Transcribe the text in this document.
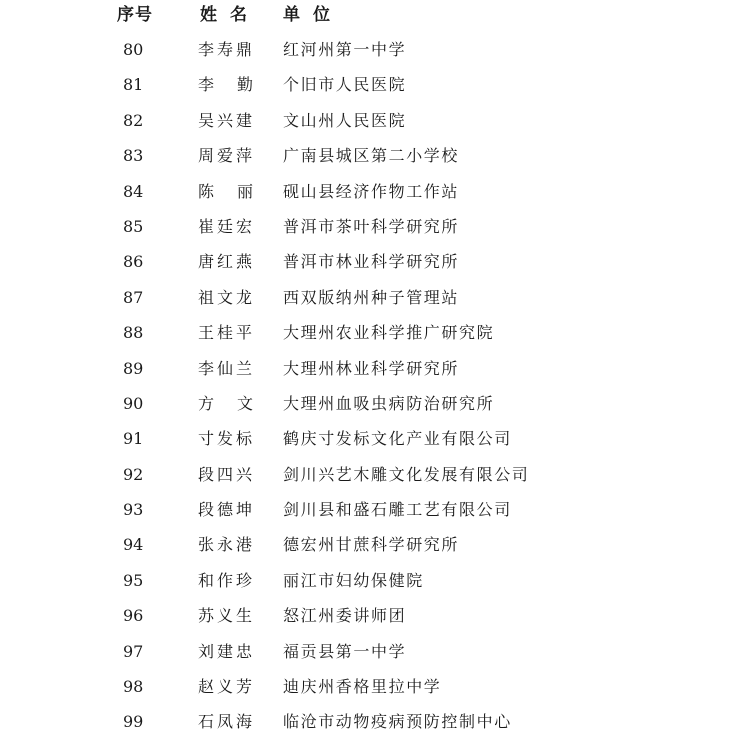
序号	姓名 单位
80	李寿鼎 红河州第一中学
81	李勤 个旧市人民医院
82	吴兴建 文山州人民医院
83	周爱萍 广南县城区第二小学校
84	陈丽 砚山县经济作物工作站
85	崔廷宏 普洱市茶叶科学研究所
86	唐红燕 普洱市林业科学研究所
87	祖文龙 西双版纳州种子管理站
88	王桂平 大理州农业科学推广研究院
89	李仙兰 大理州林业科学研究所
90	方文 大理州血吸虫病防治研究所
91	寸发标 鹤庆寸发标文化产业有限公司
92	段四兴 剑川兴艺木雕文化发展有限公司
93	段德坤 剑川县和盛石雕工艺有限公司
94	张永港 德宏州甘蔗科学研究所
95	和作珍 丽江市妇幼保健院
96	苏义生 怒江州委讲师团
97	刘建忠 福贡县第一中学
98	赵义芳 迪庆州香格里拉中学
99	石凤海 临沧市动物疫病预防控制中心
